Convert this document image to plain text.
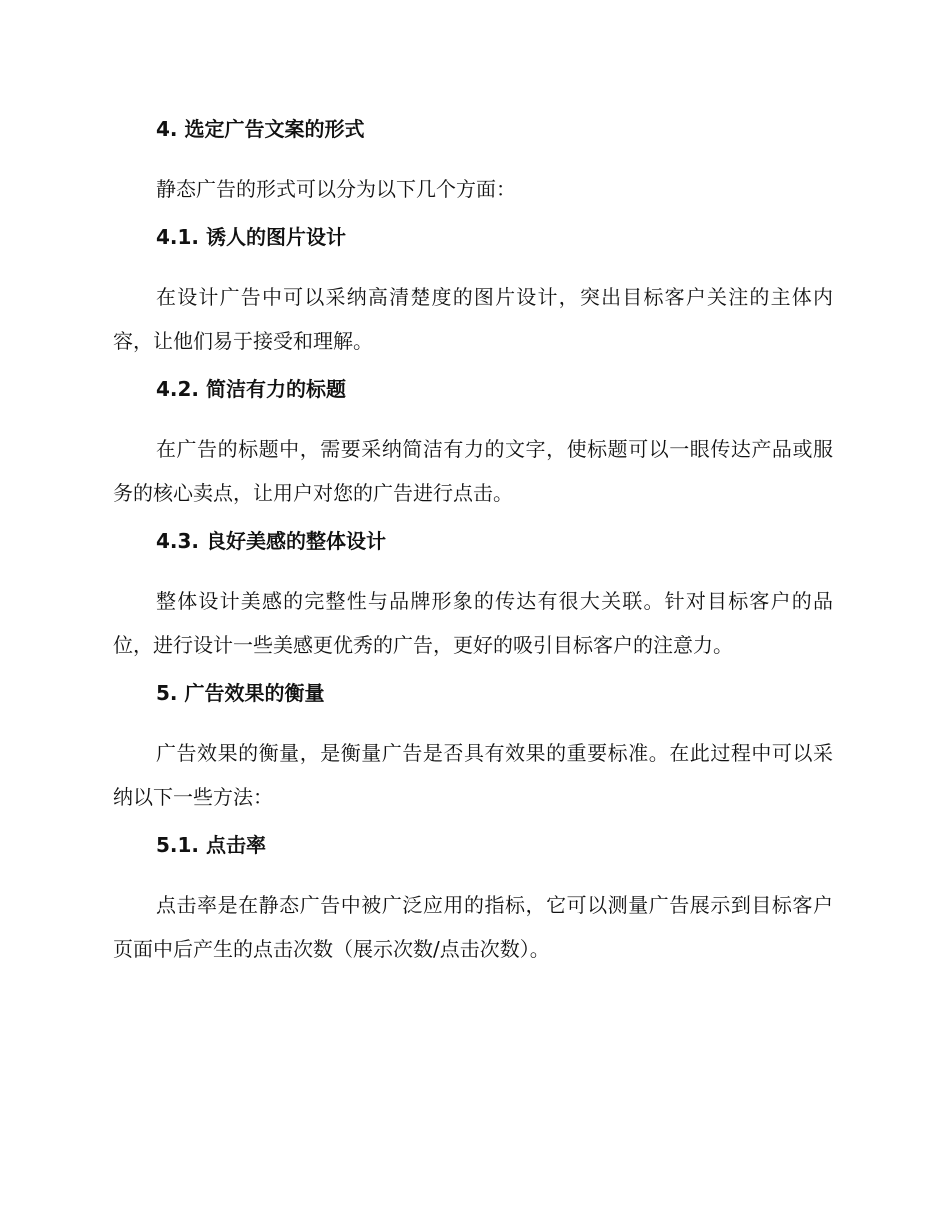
4. 选定广告文案的形式

静态广告的形式可以分为以下几个方面：

4.1. 诱人的图片设计

在设计广告中可以采纳高清楚度的图片设计，突出目标客户关注的主体内容，让他们易于接受和理解。

4.2. 简洁有力的标题

在广告的标题中，需要采纳简洁有力的文字，使标题可以一眼传达产品或服务的核心卖点，让用户对您的广告进行点击。

4.3. 良好美感的整体设计

整体设计美感的完整性与品牌形象的传达有很大关联。针对目标客户的品位，进行设计一些美感更优秀的广告，更好的吸引目标客户的注意力。

5. 广告效果的衡量

广告效果的衡量，是衡量广告是否具有效果的重要标准。在此过程中可以采纳以下一些方法：

5.1. 点击率

点击率是在静态广告中被广泛应用的指标，它可以测量广告展示到目标客户页面中后产生的点击次数（展示次数/点击次数）。
